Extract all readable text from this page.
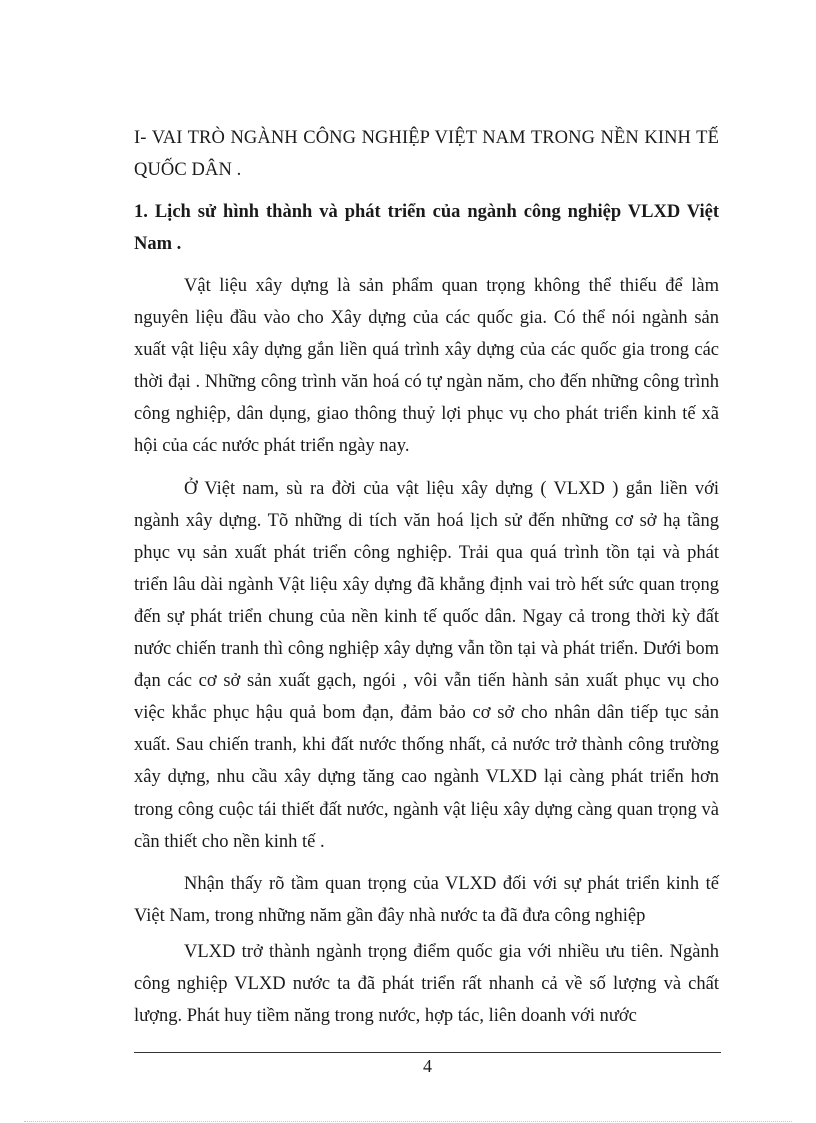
I- VAI TRÒ NGÀNH CÔNG NGHIỆP VIỆT NAM TRONG NỀN KINH TẾ QUỐC DÂN .

1. Lịch sử hình thành và phát triển của ngành công nghiệp VLXD Việt Nam .

Vật liệu xây dựng là sản phẩm quan trọng không thể thiếu để làm nguyên liệu đầu vào cho Xây dựng của các quốc gia. Có thể nói ngành sản xuất vật liệu xây dựng gắn liền quá trình xây dựng của các quốc gia trong các thời đại . Những công trình văn hoá có tự ngàn năm, cho đến những công trình công nghiệp, dân dụng, giao thông thuỷ lợi phục vụ cho phát triển kinh tế xã hội của các nước phát triển ngày nay.

Ở Việt nam, sù ra đời của vật liệu xây dựng ( VLXD ) gắn liền với ngành xây dựng. Tõ những di tích văn hoá lịch sử đến những cơ sở hạ tầng phục vụ sản xuất phát triển công nghiệp. Trải qua quá trình tồn tại và phát triển lâu dài ngành Vật liệu xây dựng đã khẳng định vai trò hết sức quan trọng đến sự phát triển chung của nền kinh tế quốc dân. Ngay cả trong thời kỳ đất nước chiến tranh thì công nghiệp xây dựng vẫn tồn tại và phát triển. Dưới bom đạn các cơ sở sản xuất gạch, ngói , vôi vẫn tiến hành sản xuất phục vụ cho việc khắc phục hậu quả bom đạn, đảm bảo cơ sở cho nhân dân tiếp tục sản xuất. Sau chiến tranh, khi đất nước thống nhất, cả nước trở thành công trường xây dựng, nhu cầu xây dựng tăng cao ngành VLXD lại càng phát triển hơn trong công cuộc tái thiết đất nước, ngành vật liệu xây dựng càng quan trọng và cần thiết cho nền kinh tế .

Nhận thấy rõ tầm quan trọng của VLXD đối với sự phát triển kinh tế Việt Nam, trong những năm gần đây nhà nước ta đã đưa công nghiệp

VLXD trở thành ngành trọng điểm quốc gia với nhiều ưu tiên. Ngành công nghiệp VLXD nước ta đã phát triển rất nhanh cả về số lượng và chất lượng. Phát huy tiềm năng trong nước, hợp tác, liên doanh với nước

4
